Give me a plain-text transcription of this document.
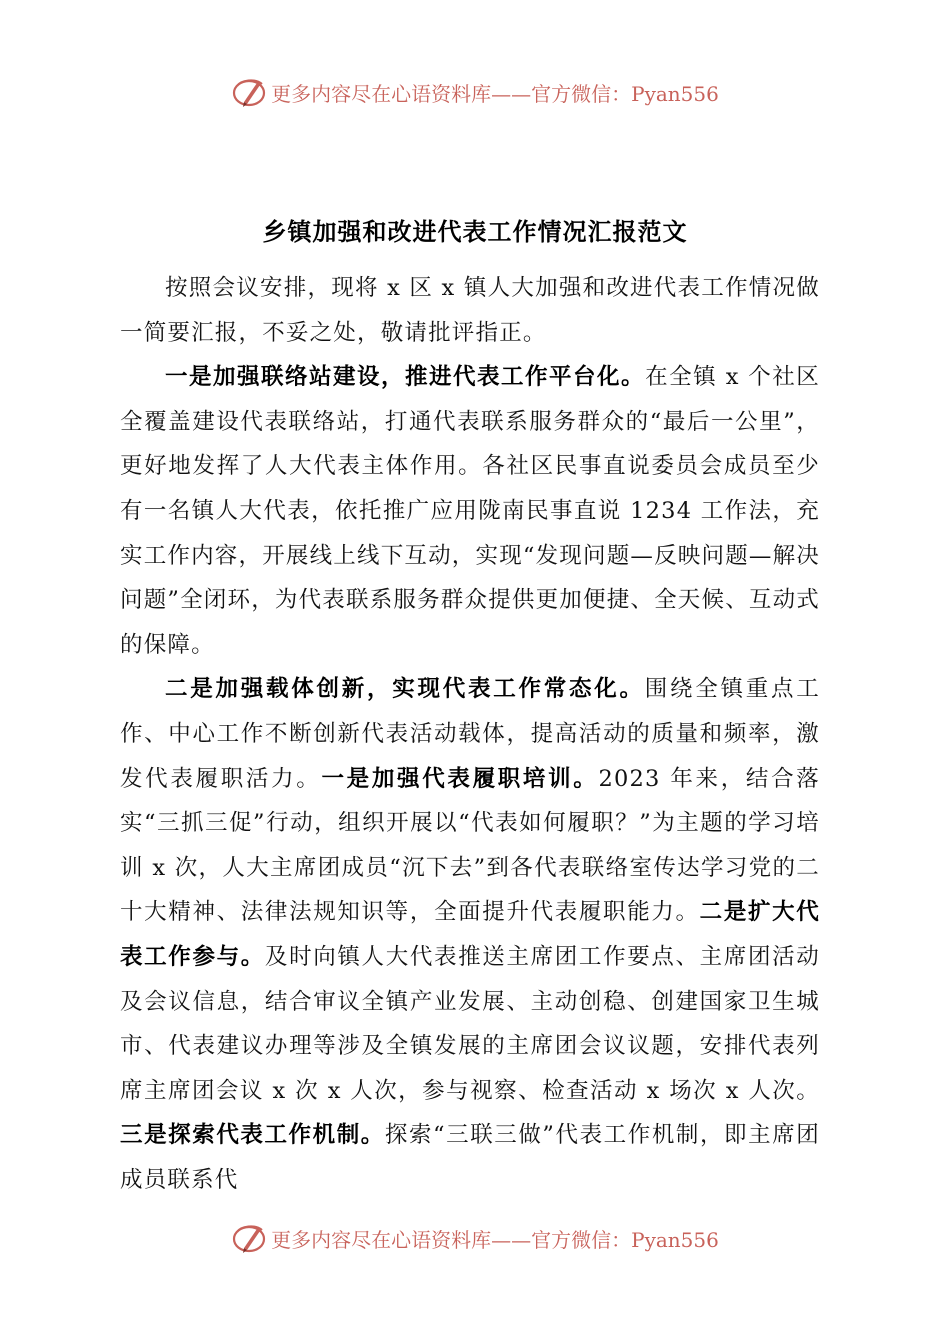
更多内容尽在心语资料库——官方微信：Pyan556
乡镇加强和改进代表工作情况汇报范文

按照会议安排，现将 x 区 x 镇人大加强和改进代表工作情况做一简要汇报，不妥之处，敬请批评指正。

一是加强联络站建设，推进代表工作平台化。在全镇 x 个社区全覆盖建设代表联络站，打通代表联系服务群众的“最后一公里”，更好地发挥了人大代表主体作用。各社区民事直说委员会成员至少有一名镇人大代表，依托推广应用陇南民事直说 1234 工作法，充实工作内容，开展线上线下互动，实现“发现问题—反映问题—解决问题”全闭环，为代表联系服务群众提供更加便捷、全天候、互动式的保障。

二是加强载体创新，实现代表工作常态化。围绕全镇重点工作、中心工作不断创新代表活动载体，提高活动的质量和频率，激发代表履职活力。一是加强代表履职培训。2023 年来，结合落实“三抓三促”行动，组织开展以“代表如何履职？”为主题的学习培训 x 次，人大主席团成员“沉下去”到各代表联络室传达学习党的二十大精神、法律法规知识等，全面提升代表履职能力。二是扩大代表工作参与。及时向镇人大代表推送主席团工作要点、主席团活动及会议信息，结合审议全镇产业发展、主动创稳、创建国家卫生城市、代表建议办理等涉及全镇发展的主席团会议议题，安排代表列席主席团会议 x 次 x 人次，参与视察、检查活动 x 场次 x 人次。三是探索代表工作机制。探索“三联三做”代表工作机制，即主席团成员联系代

更多内容尽在心语资料库——官方微信：Pyan556
